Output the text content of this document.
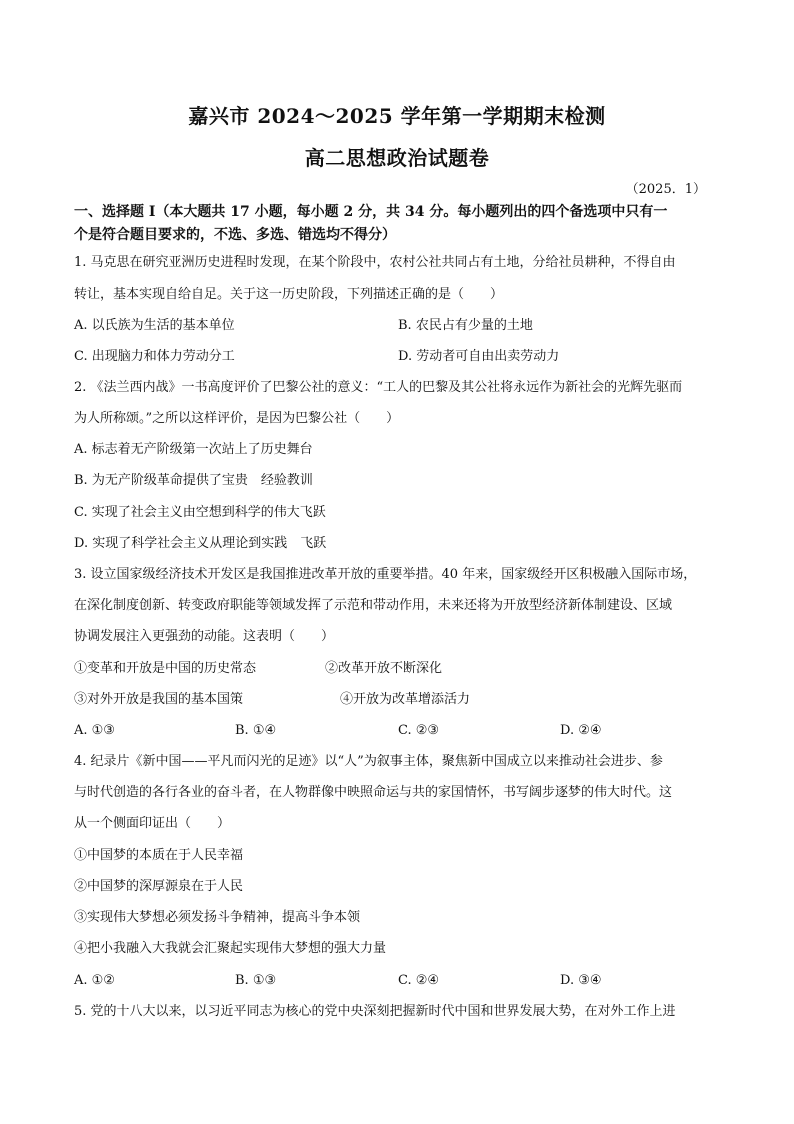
嘉兴市 2024～2025 学年第一学期期末检测
高二思想政治试题卷
（2025．1）
一、选择题 I（本大题共 17 小题，每小题 2 分，共 34 分。每小题列出的四个备选项中只有一
个是符合题目要求的，不选、多选、错选均不得分）
1. 马克思在研究亚洲历史进程时发现，在某个阶段中，农村公社共同占有土地，分给社员耕种，不得自由
转让，基本实现自给自足。关于这一历史阶段，下列描述正确的是（　　）
A. 以氏族为生活的基本单位	B. 农民占有少量的土地
C. 出现脑力和体力劳动分工	D. 劳动者可自由出卖劳动力
2. 《法兰西内战》一书高度评价了巴黎公社的意义：“工人的巴黎及其公社将永远作为新社会的光辉先驱而
为人所称颂。”之所以这样评价，是因为巴黎公社（　　）
A. 标志着无产阶级第一次站上了历史舞台
B. 为无产阶级革命提供了宝贵　经验教训
C. 实现了社会主义由空想到科学的伟大飞跃
D. 实现了科学社会主义从理论到实践　飞跃
3. 设立国家级经济技术开发区是我国推进改革开放的重要举措。40 年来，国家级经开区积极融入国际市场，
在深化制度创新、转变政府职能等领域发挥了示范和带动作用，未来还将为开放型经济新体制建设、区域
协调发展注入更强劲的动能。这表明（　　）
①变革和开放是中国的历史常态	②改革开放不断深化
③对外开放是我国的基本国策	④开放为改革增添活力
A. ①③	B. ①④	C. ②③	D. ②④
4. 纪录片《新中国——平凡而闪光的足迹》以“人”为叙事主体，聚焦新中国成立以来推动社会进步、参
与时代创造的各行各业的奋斗者，在人物群像中映照命运与共的家国情怀，书写阔步逐梦的伟大时代。这
从一个侧面印证出（　　）
①中国梦的本质在于人民幸福
②中国梦的深厚源泉在于人民
③实现伟大梦想必须发扬斗争精神，提高斗争本领
④把小我融入大我就会汇聚起实现伟大梦想的强大力量
A. ①②	B. ①③	C. ②④	D. ③④
5. 党的十八大以来，以习近平同志为核心的党中央深刻把握新时代中国和世界发展大势，在对外工作上进
